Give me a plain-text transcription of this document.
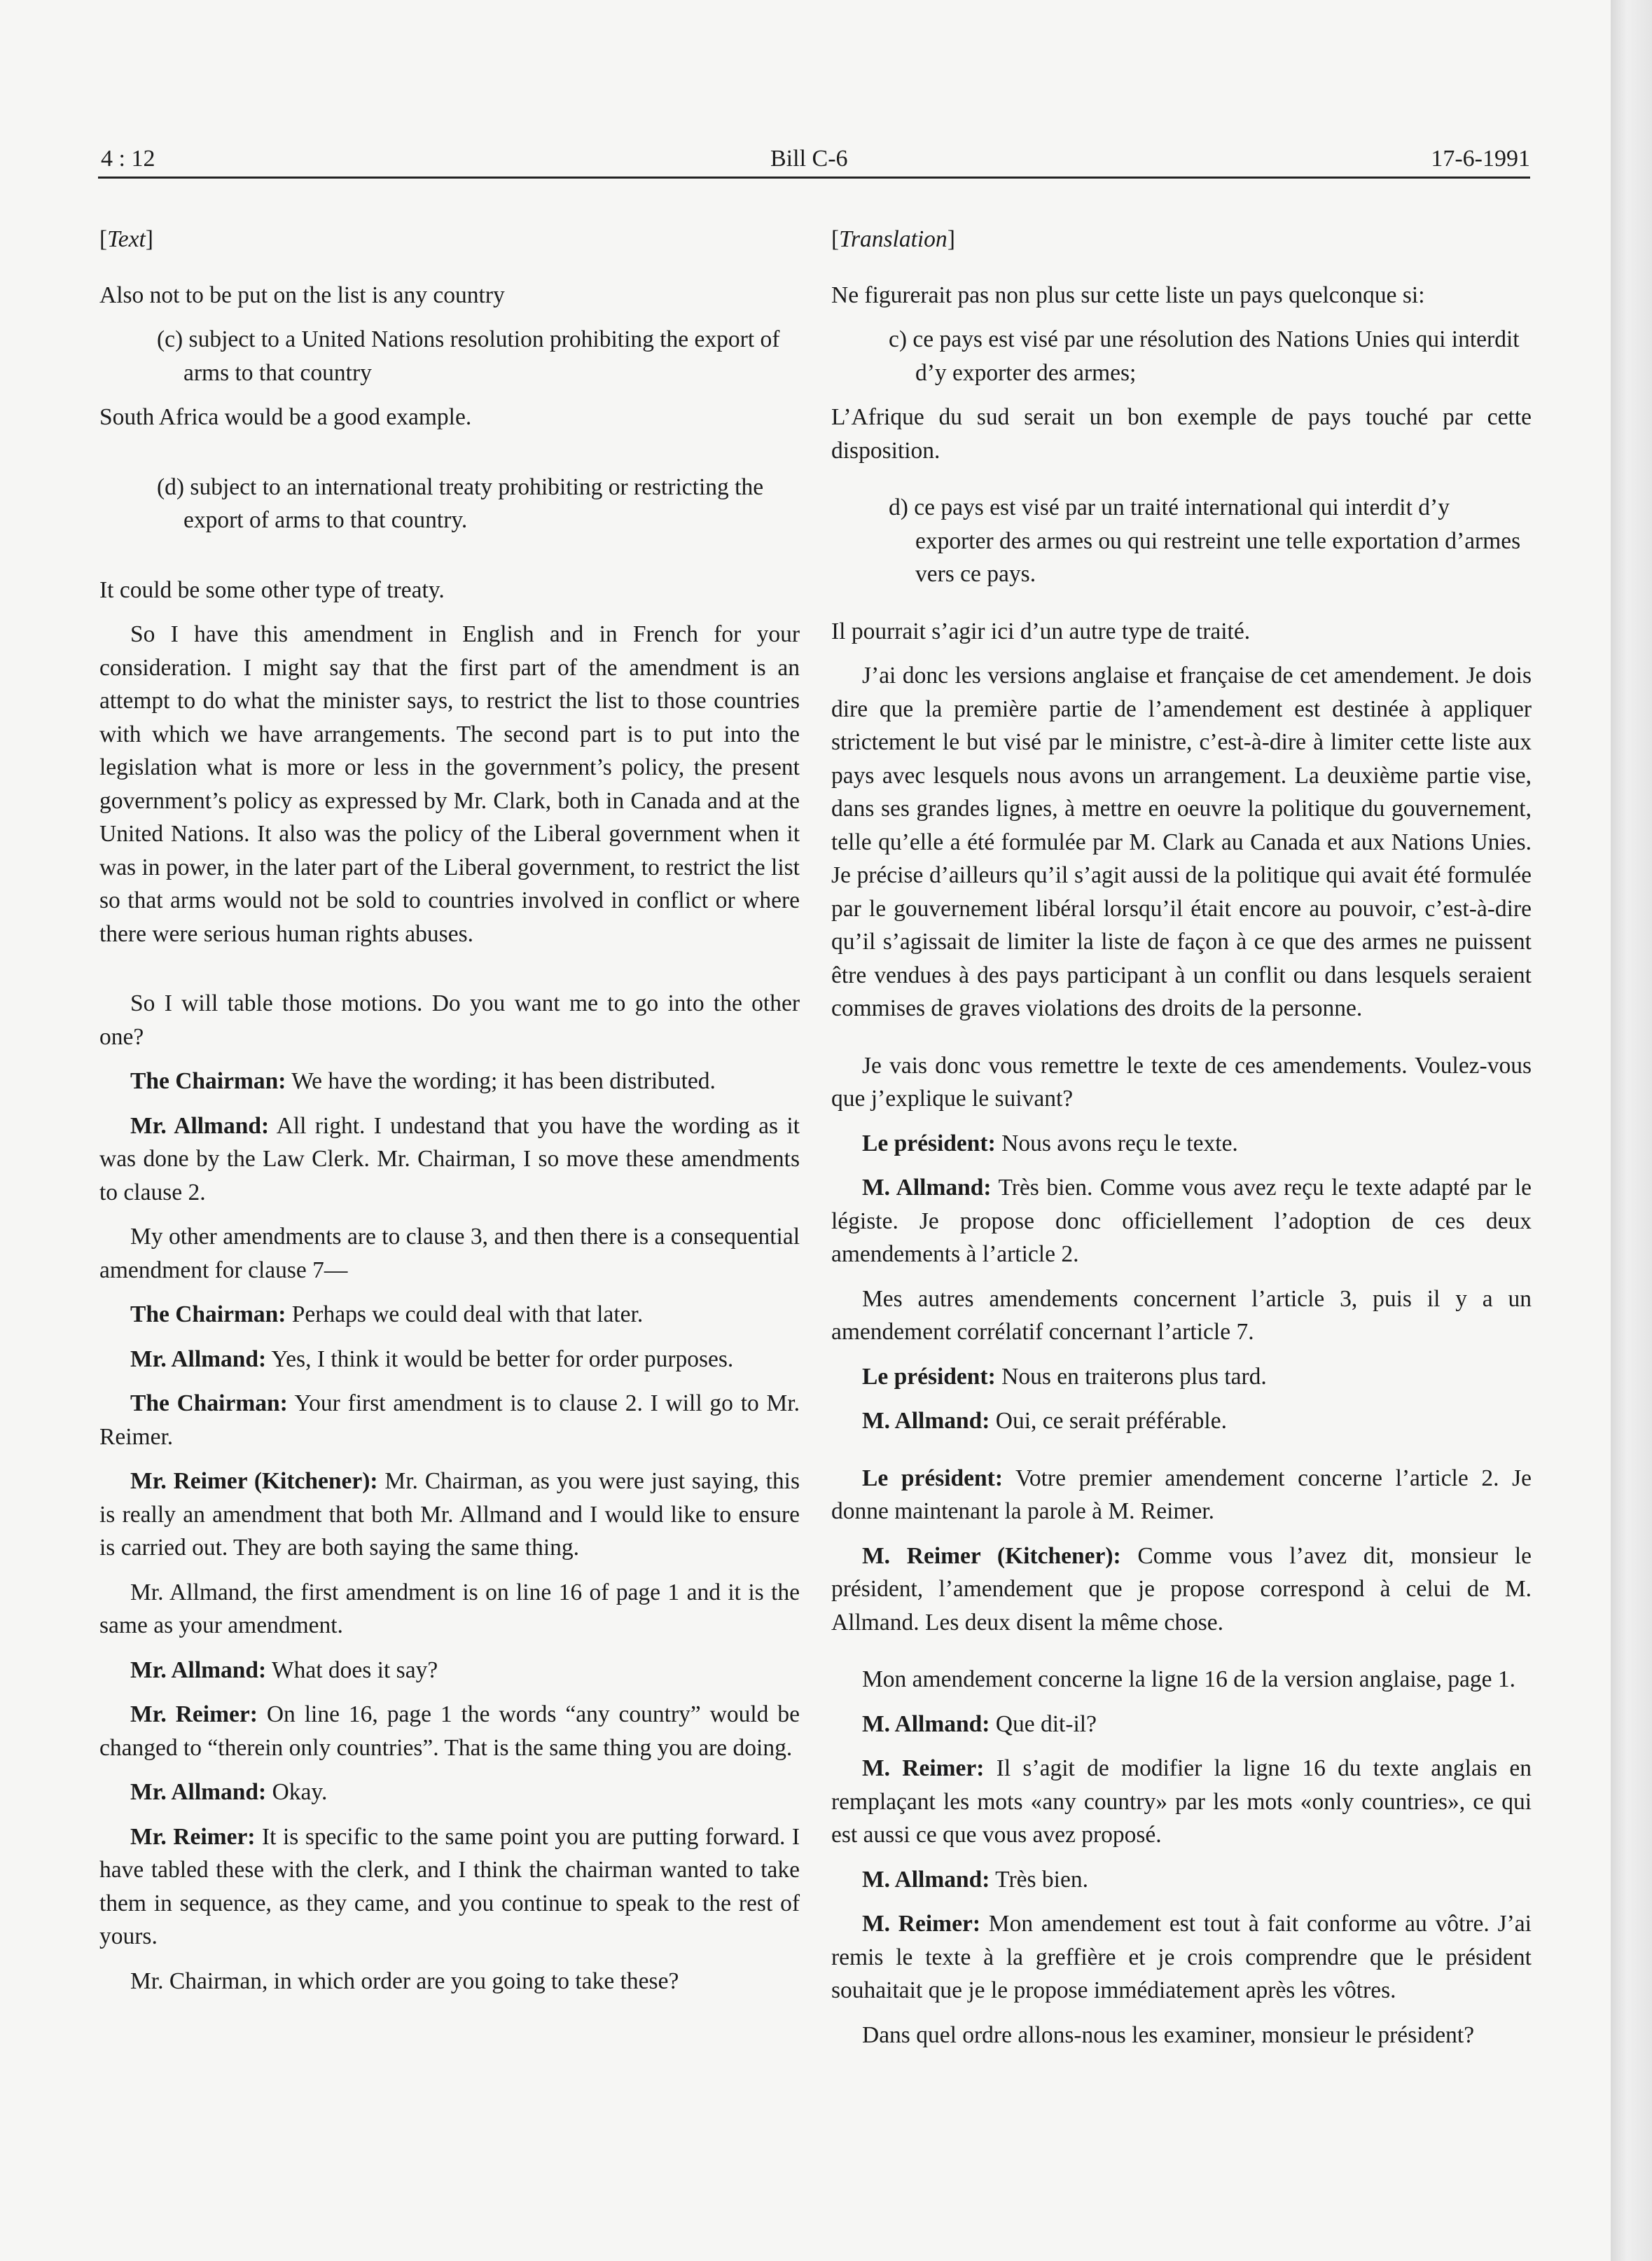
4 : 12	Bill C-6	17-6-1991
[Text]

Also not to be put on the list is any country

(c) subject to a United Nations resolution prohibiting the export of arms to that country

South Africa would be a good example.

(d) subject to an international treaty prohibiting or restricting the export of arms to that country.

It could be some other type of treaty.

So I have this amendment in English and in French for your consideration. I might say that the first part of the amendment is an attempt to do what the minister says, to restrict the list to those countries with which we have arrangements. The second part is to put into the legislation what is more or less in the government’s policy, the present government’s policy as expressed by Mr. Clark, both in Canada and at the United Nations. It also was the policy of the Liberal government when it was in power, in the later part of the Liberal government, to restrict the list so that arms would not be sold to countries involved in conflict or where there were serious human rights abuses.

So I will table those motions. Do you want me to go into the other one?

The Chairman: We have the wording; it has been distributed.

Mr. Allmand: All right. I undestand that you have the wording as it was done by the Law Clerk. Mr. Chairman, I so move these amendments to clause 2.

My other amendments are to clause 3, and then there is a consequential amendment for clause 7—

The Chairman: Perhaps we could deal with that later.

Mr. Allmand: Yes, I think it would be better for order purposes.

The Chairman: Your first amendment is to clause 2. I will go to Mr. Reimer.

Mr. Reimer (Kitchener): Mr. Chairman, as you were just saying, this is really an amendment that both Mr. Allmand and I would like to ensure is carried out. They are both saying the same thing.

Mr. Allmand, the first amendment is on line 16 of page 1 and it is the same as your amendment.

Mr. Allmand: What does it say?

Mr. Reimer: On line 16, page 1 the words “any country” would be changed to “therein only countries”. That is the same thing you are doing.

Mr. Allmand: Okay.

Mr. Reimer: It is specific to the same point you are putting forward. I have tabled these with the clerk, and I think the chairman wanted to take them in sequence, as they came, and you continue to speak to the rest of yours.

Mr. Chairman, in which order are you going to take these?

[Translation]

Ne figurerait pas non plus sur cette liste un pays quelconque si:

c) ce pays est visé par une résolution des Nations Unies qui interdit d’y exporter des armes;

L’Afrique du sud serait un bon exemple de pays touché par cette disposition.

d) ce pays est visé par un traité international qui interdit d’y exporter des armes ou qui restreint une telle exportation d’armes vers ce pays.

Il pourrait s’agir ici d’un autre type de traité.

J’ai donc les versions anglaise et française de cet amendement. Je dois dire que la première partie de l’amendement est destinée à appliquer strictement le but visé par le ministre, c’est-à-dire à limiter cette liste aux pays avec lesquels nous avons un arrangement. La deuxième partie vise, dans ses grandes lignes, à mettre en oeuvre la politique du gouvernement, telle qu’elle a été formulée par M. Clark au Canada et aux Nations Unies. Je précise d’ailleurs qu’il s’agit aussi de la politique qui avait été formulée par le gouvernement libéral lorsqu’il était encore au pouvoir, c’est-à-dire qu’il s’agissait de limiter la liste de façon à ce que des armes ne puissent être vendues à des pays participant à un conflit ou dans lesquels seraient commises de graves violations des droits de la personne.

Je vais donc vous remettre le texte de ces amendements. Voulez-vous que j’explique le suivant?

Le président: Nous avons reçu le texte.

M. Allmand: Très bien. Comme vous avez reçu le texte adapté par le légiste. Je propose donc officiellement l’adoption de ces deux amendements à l’article 2.

Mes autres amendements concernent l’article 3, puis il y a un amendement corrélatif concernant l’article 7.

Le président: Nous en traiterons plus tard.

M. Allmand: Oui, ce serait préférable.

Le président: Votre premier amendement concerne l’article 2. Je donne maintenant la parole à M. Reimer.

M. Reimer (Kitchener): Comme vous l’avez dit, monsieur le président, l’amendement que je propose correspond à celui de M. Allmand. Les deux disent la même chose.

Mon amendement concerne la ligne 16 de la version anglaise, page 1.

M. Allmand: Que dit-il?

M. Reimer: Il s’agit de modifier la ligne 16 du texte anglais en remplaçant les mots «any country» par les mots «only countries», ce qui est aussi ce que vous avez proposé.

M. Allmand: Très bien.

M. Reimer: Mon amendement est tout à fait conforme au vôtre. J’ai remis le texte à la greffière et je crois comprendre que le président souhaitait que je le propose immédiatement après les vôtres.

Dans quel ordre allons-nous les examiner, monsieur le président?
